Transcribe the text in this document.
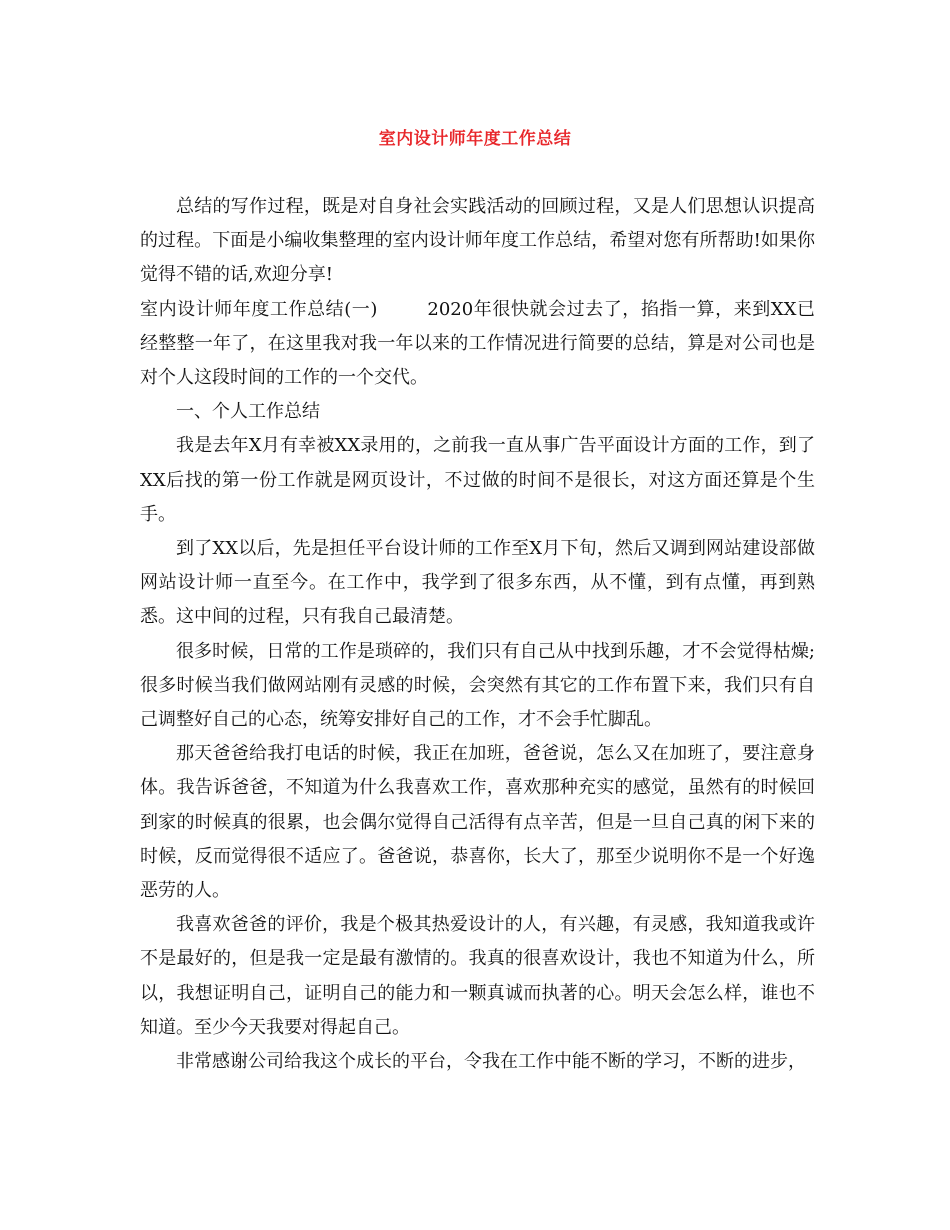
室内设计师年度工作总结

总结的写作过程，既是对自身社会实践活动的回顾过程，又是人们思想认识提高的过程。下面是小编收集整理的室内设计师年度工作总结，希望对您有所帮助!如果你觉得不错的话,欢迎分享!

室内设计师年度工作总结(一)	2020年很快就会过去了，掐指一算，来到XX已经整整一年了，在这里我对我一年以来的工作情况进行简要的总结，算是对公司也是对个人这段时间的工作的一个交代。

一、个人工作总结

我是去年X月有幸被XX录用的，之前我一直从事广告平面设计方面的工作，到了XX后找的第一份工作就是网页设计，不过做的时间不是很长，对这方面还算是个生手。

到了XX以后，先是担任平台设计师的工作至X月下旬，然后又调到网站建设部做网站设计师一直至今。在工作中，我学到了很多东西，从不懂，到有点懂，再到熟悉。这中间的过程，只有我自己最清楚。

很多时候，日常的工作是琐碎的，我们只有自己从中找到乐趣，才不会觉得枯燥;很多时候当我们做网站刚有灵感的时候，会突然有其它的工作布置下来，我们只有自己调整好自己的心态，统筹安排好自己的工作，才不会手忙脚乱。

那天爸爸给我打电话的时候，我正在加班，爸爸说，怎么又在加班了，要注意身体。我告诉爸爸，不知道为什么我喜欢工作，喜欢那种充实的感觉，虽然有的时候回到家的时候真的很累，也会偶尔觉得自己活得有点辛苦，但是一旦自己真的闲下来的时候，反而觉得很不适应了。爸爸说，恭喜你，长大了，那至少说明你不是一个好逸恶劳的人。

我喜欢爸爸的评价，我是个极其热爱设计的人，有兴趣，有灵感，我知道我或许不是最好的，但是我一定是最有激情的。我真的很喜欢设计，我也不知道为什么，所以，我想证明自己，证明自己的能力和一颗真诚而执著的心。明天会怎么样，谁也不知道。至少今天我要对得起自己。

非常感谢公司给我这个成长的平台，令我在工作中能不断的学习，不断的进步，
